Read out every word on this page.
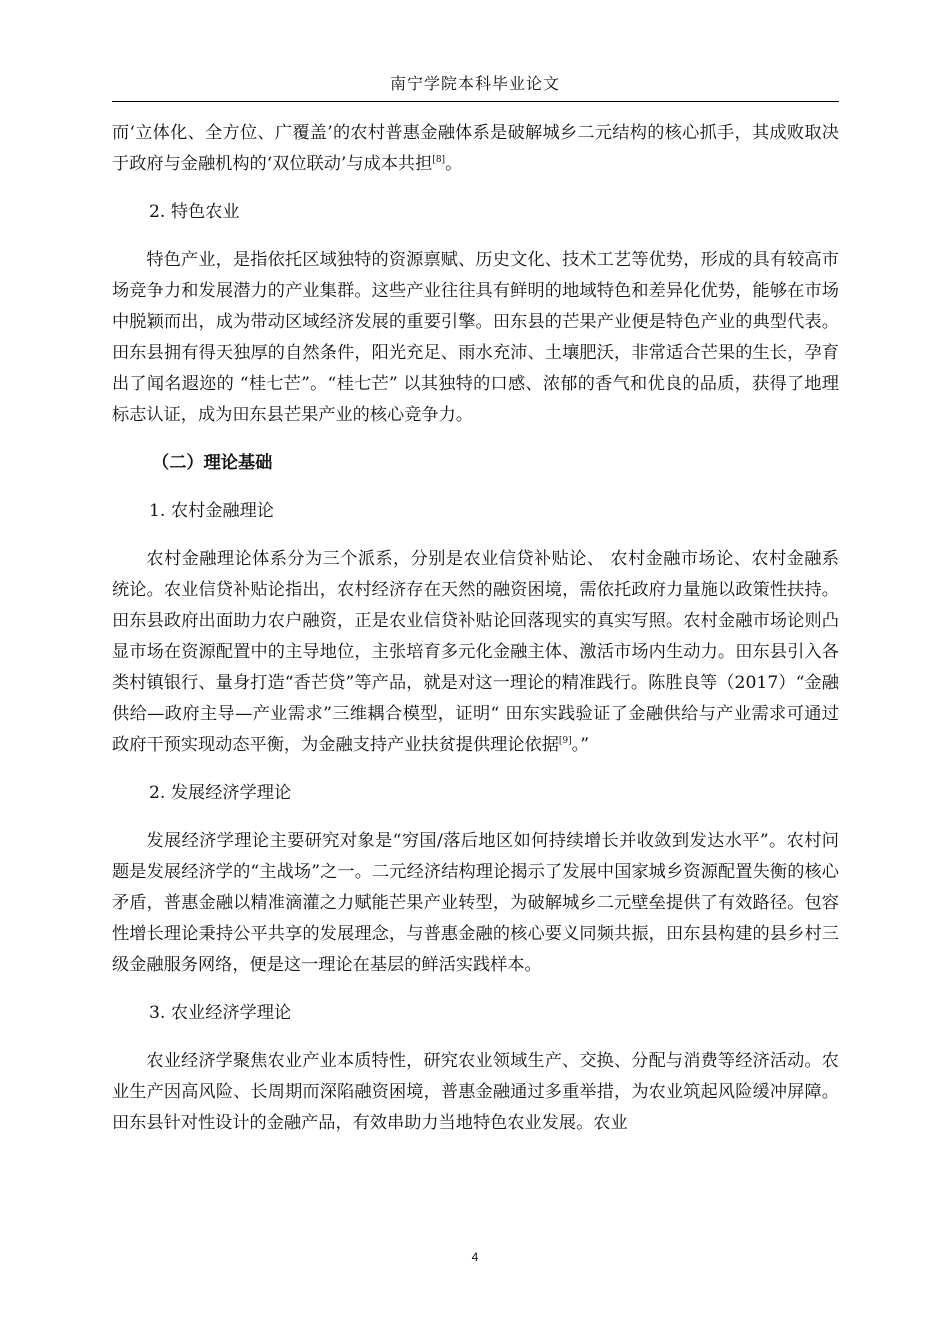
南宁学院本科毕业论文

而‘立体化、全方位、广覆盖’的农村普惠金融体系是破解城乡二元结构的核心抓手，其成败取决于政府与金融机构的‘双位联动’与成本共担[8]。

2. 特色农业

特色产业，是指依托区域独特的资源禀赋、历史文化、技术工艺等优势，形成的具有较高市场竞争力和发展潜力的产业集群。这些产业往往具有鲜明的地域特色和差异化优势，能够在市场中脱颖而出，成为带动区域经济发展的重要引擎。田东县的芒果产业便是特色产业的典型代表。田东县拥有得天独厚的自然条件，阳光充足、雨水充沛、土壤肥沃，非常适合芒果的生长，孕育出了闻名遐迩的 “桂七芒”。“桂七芒” 以其独特的口感、浓郁的香气和优良的品质，获得了地理标志认证，成为田东县芒果产业的核心竞争力。

（二）理论基础

1. 农村金融理论

农村金融理论体系分为三个派系，分别是农业信贷补贴论、 农村金融市场论、农村金融系统论。农业信贷补贴论指出，农村经济存在天然的融资困境，需依托政府力量施以政策性扶持。田东县政府出面助力农户融资，正是农业信贷补贴论回落现实的真实写照。农村金融市场论则凸显市场在资源配置中的主导地位，主张培育多元化金融主体、激活市场内生动力。田东县引入各类村镇银行、量身打造“香芒贷”等产品，就是对这一理论的精准践行。陈胜良等（2017）“金融供给—政府主导—产业需求”三维耦合模型，证明“ 田东实践验证了金融供给与产业需求可通过政府干预实现动态平衡，为金融支持产业扶贫提供理论依据[9]。”

2. 发展经济学理论

发展经济学理论主要研究对象是“穷国/落后地区如何持续增长并收敛到发达水平”。农村问题是发展经济学的“主战场”之一。二元经济结构理论揭示了发展中国家城乡资源配置失衡的核心矛盾，普惠金融以精准滴灌之力赋能芒果产业转型，为破解城乡二元壁垒提供了有效路径。包容性增长理论秉持公平共享的发展理念，与普惠金融的核心要义同频共振，田东县构建的县乡村三级金融服务网络，便是这一理论在基层的鲜活实践样本。

3. 农业经济学理论

农业经济学聚焦农业产业本质特性，研究农业领域生产、交换、分配与消费等经济活动。农业生产因高风险、长周期而深陷融资困境，普惠金融通过多重举措，为农业筑起风险缓冲屏障。田东县针对性设计的金融产品，有效串助力当地特色农业发展。农业

4
